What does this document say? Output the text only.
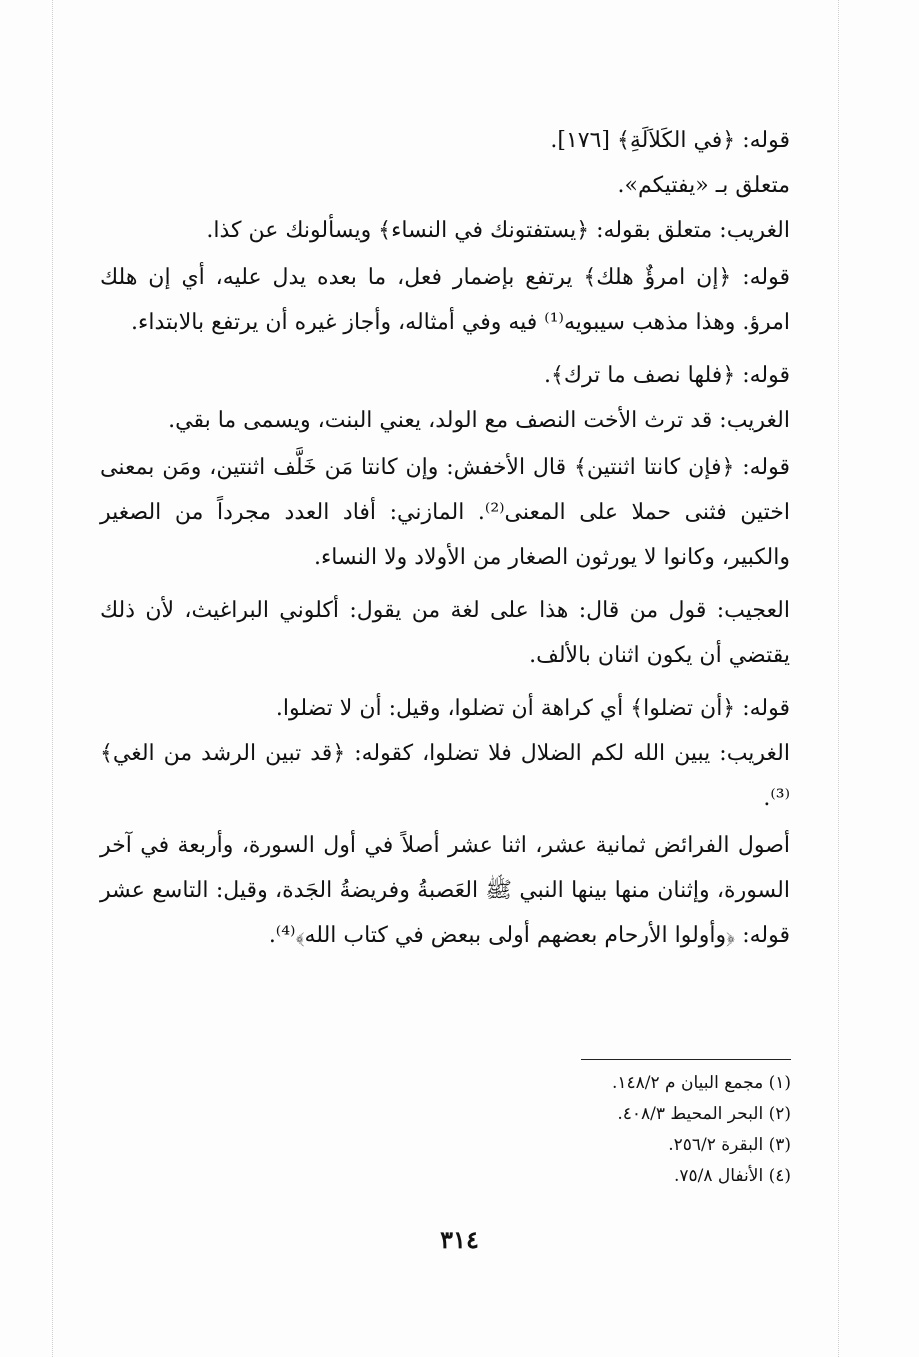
قوله: ﴿في الكَلاَلَةِ﴾ [١٧٦].
متعلق بـ «يفتيكم».
الغريب: متعلق بقوله: ﴿يستفتونك في النساء﴾ ويسألونك عن كذا.

قوله: ﴿إن امرؤٌ هلك﴾ يرتفع بإضمار فعل، ما بعده يدل عليه، أي إن هلك امرؤ. وهذا مذهب سيبويه⁽¹⁾ فيه وفي أمثاله، وأجاز غيره أن يرتفع بالابتداء.

قوله: ﴿فلها نصف ما ترك﴾.
الغريب: قد ترث الأخت النصف مع الولد، يعني البنت، ويسمى ما بقي.

قوله: ﴿فإن كانتا اثنتين﴾ قال الأخفش: وإن كانتا مَن خَلَّف اثنتين، ومَن بمعنى اختين فثنى حملا على المعنى⁽²⁾. المازني: أفاد العدد مجرداً من الصغير والكبير، وكانوا لا يورثون الصغار من الأولاد ولا النساء.

العجيب: قول من قال: هذا على لغة من يقول: أكلوني البراغيث، لأن ذلك يقتضي أن يكون اثنان بالألف.

قوله: ﴿أن تضلوا﴾ أي كراهة أن تضلوا، وقيل: أن لا تضلوا.
الغريب: يبين الله لكم الضلال فلا تضلوا، كقوله: ﴿قد تبين الرشد من الغي﴾⁽³⁾.

أصول الفرائض ثمانية عشر، اثنا عشر أصلاً في أول السورة، وأربعة في آخر السورة، وإثنان منها بينها النبي ﷺ العَصبةُ وفريضةُ الجَدة، وقيل: التاسع عشر قوله: ﴿وأولوا الأرحام بعضهم أولى ببعض في كتاب الله﴾⁽⁴⁾.

(١) مجمع البيان م ١٤٨/٢.

(٢) البحر المحيط ٤٠٨/٣.

(٣) البقرة ٢٥٦/٢.

(٤) الأنفال ٧٥/٨.

٣١٤
